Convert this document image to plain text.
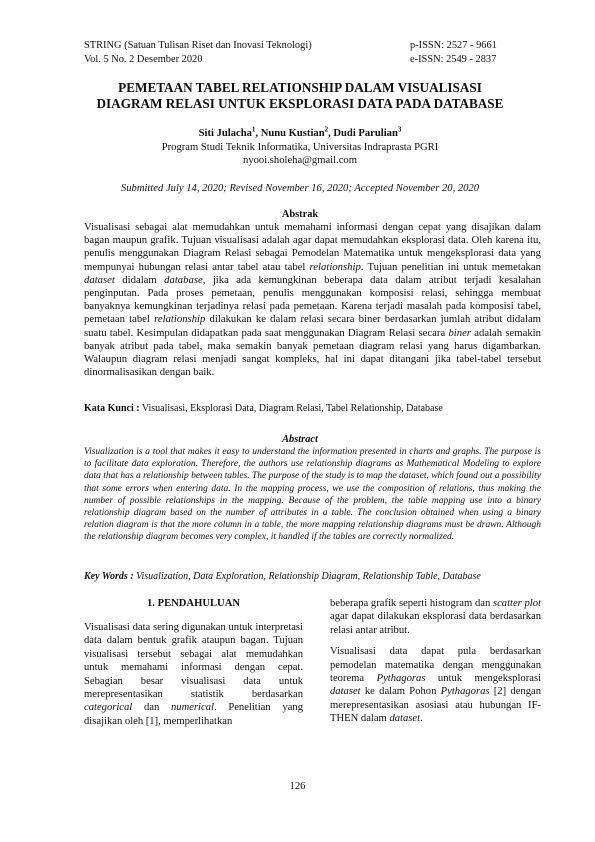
STRING (Satuan Tulisan Riset dan Inovasi Teknologi)
Vol. 5 No. 2 Desember 2020
p-ISSN: 2527 - 9661
e-ISSN: 2549 - 2837
PEMETAAN TABEL RELATIONSHIP DALAM VISUALISASI
DIAGRAM RELASI UNTUK EKSPLORASI DATA PADA DATABASE
Siti Julacha$^1$, Nunu Kustian$^2$, Dudi Parulian$^3$
Program Studi Teknik Informatika, Universitas Indraprasta PGRI
nyooi.sholeha@gmail.com
Submitted July 14, 2020; Revised November 16, 2020; Accepted November 20, 2020
Abstrak
Visualisasi sebagai alat memudahkan untuk memahami informasi dengan cepat yang disajikan dalam bagan maupun grafik. Tujuan visualisasi adalah agar dapat memudahkan eksplorasi data. Oleh karena itu, penulis menggunakan Diagram Relasi sebagai Pemodelan Matematika untuk mengeksplorasi data yang mempunyai hubungan relasi antar tabel atau tabel relationship. Tujuan penelitian ini untuk memetakan dataset didalam database, jika ada kemungkinan beberapa data dalam atribut terjadi kesalahan penginputan. Pada proses pemetaan, penulis menggunakan komposisi relasi, sehingga membuat banyaknya kemungkinan terjadinya relasi pada pemetaan. Karena terjadi masalah pada komposisi tabel, pemetaan tabel relationship dilakukan ke dalam relasi secara biner berdasarkan jumlah atribut didalam suatu tabel. Kesimpulan didapatkan pada saat menggunakan Diagram Relasi secara biner adalah semakin banyak atribut pada tabel, maka semakin banyak pemetaan diagram relasi yang harus digambarkan. Walaupun diagram relasi menjadi sangat kompleks, hal ini dapat ditangani jika tabel-tabel tersebut dinormalisasikan dengan baik.
Kata Kunci : Visualisasi, Eksplorasi Data, Diagram Relasi, Tabel Relationship, Database
Abstract
Visualization is a tool that makes it easy to understand the information presented in charts and graphs. The purpose is to facilitate data exploration. Therefore, the authors use relationship diagrams as Mathematical Modeling to explore data that has a relationship between tables. The purpose of the study is to map the dataset, which found out a possibility that some errors when entering data. In the mapping process, we use the composition of relations, thus making the number of possible relationships in the mapping. Because of the problem, the table mapping use into a binary relationship diagram based on the number of attributes in a table. The conclusion obtained when using a binary relation diagram is that the more column in a table, the more mapping relationship diagrams must be drawn. Although the relationship diagram becomes very complex, it handled if the tables are correctly normalized.
Key Words : Visualization, Data Exploration, Relationship Diagram, Relationship Table, Database
1. PENDAHULUAN

Visualisasi data sering digunakan untuk interpretasi data dalam bentuk grafik ataupun bagan. Tujuan visualisasi tersebut sebagai alat memudahkan untuk memahami informasi dengan cepat. Sebagian besar visualisasi data untuk merepresentasikan statistik berdasarkan categorical dan numerical. Penelitian yang disajikan oleh [1], memperlihatkan

beberapa grafik seperti histogram dan scatter plot agar dapat dilakukan eksplorasi data berdasarkan relasi antar atribut.

Visualisasi data dapat pula berdasarkan pemodelan matematika dengan menggunakan teorema Pythagoras untuk mengeksplorasi dataset ke dalam Pohon Pythagoras [2] dengan merepresentasikan asosiasi atau hubungan IF-THEN dalam dataset.

126
